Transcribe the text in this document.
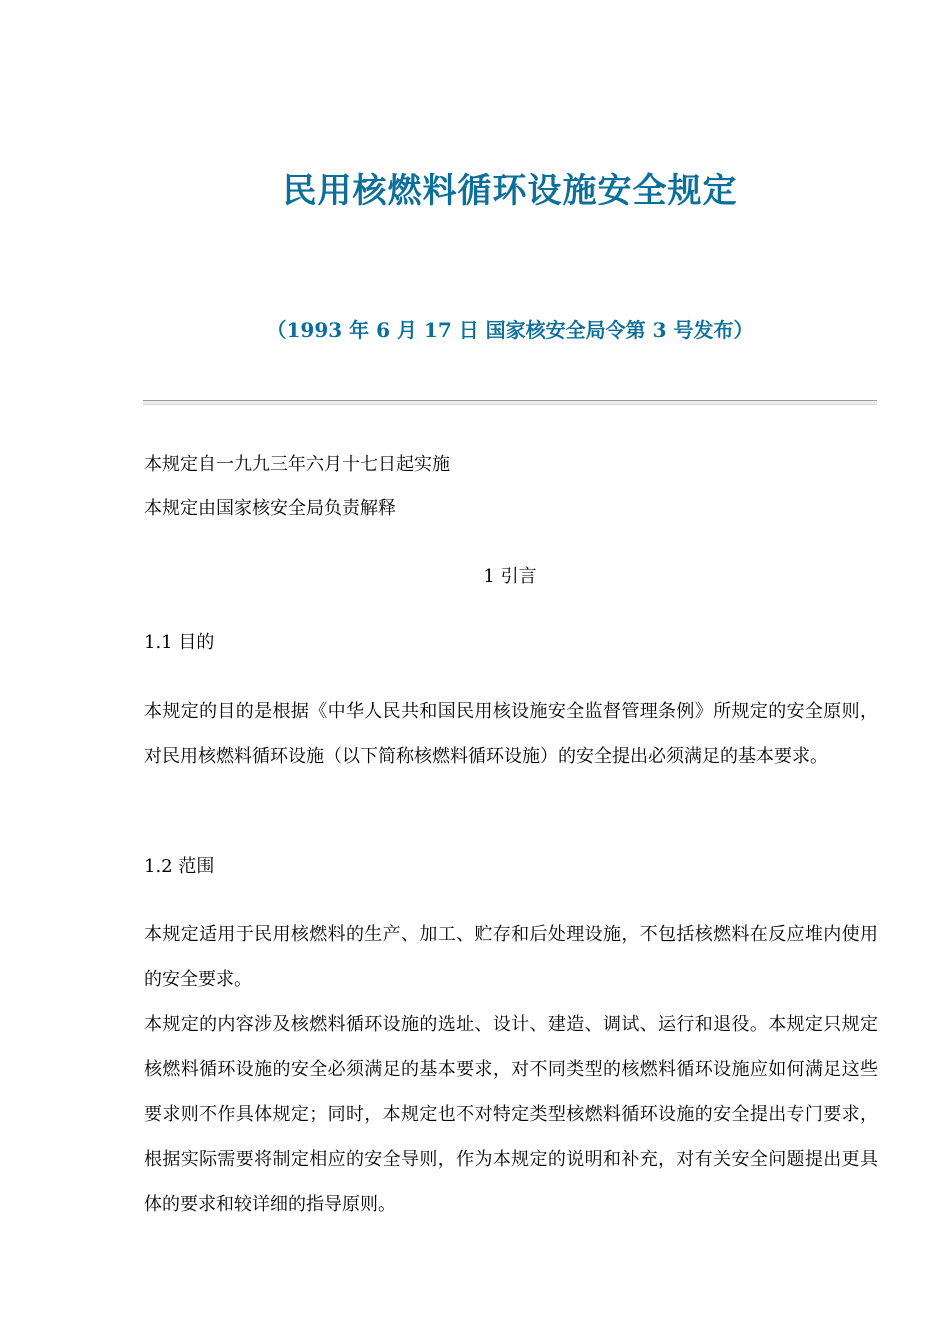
民用核燃料循环设施安全规定
（1993 年 6 月 17 日 国家核安全局令第 3 号发布）
本规定自一九九三年六月十七日起实施
本规定由国家核安全局负责解释
1 引言
1.1 目的
本规定的目的是根据《中华人民共和国民用核设施安全监督管理条例》所规定的安全原则，对民用核燃料循环设施（以下简称核燃料循环设施）的安全提出必须满足的基本要求。
1.2 范围
本规定适用于民用核燃料的生产、加工、贮存和后处理设施，不包括核燃料在反应堆内使用的安全要求。
本规定的内容涉及核燃料循环设施的选址、设计、建造、调试、运行和退役。本规定只规定核燃料循环设施的安全必须满足的基本要求，对不同类型的核燃料循环设施应如何满足这些要求则不作具体规定；同时，本规定也不对特定类型核燃料循环设施的安全提出专门要求，根据实际需要将制定相应的安全导则，作为本规定的说明和补充，对有关安全问题提出更具体的要求和较详细的指导原则。
